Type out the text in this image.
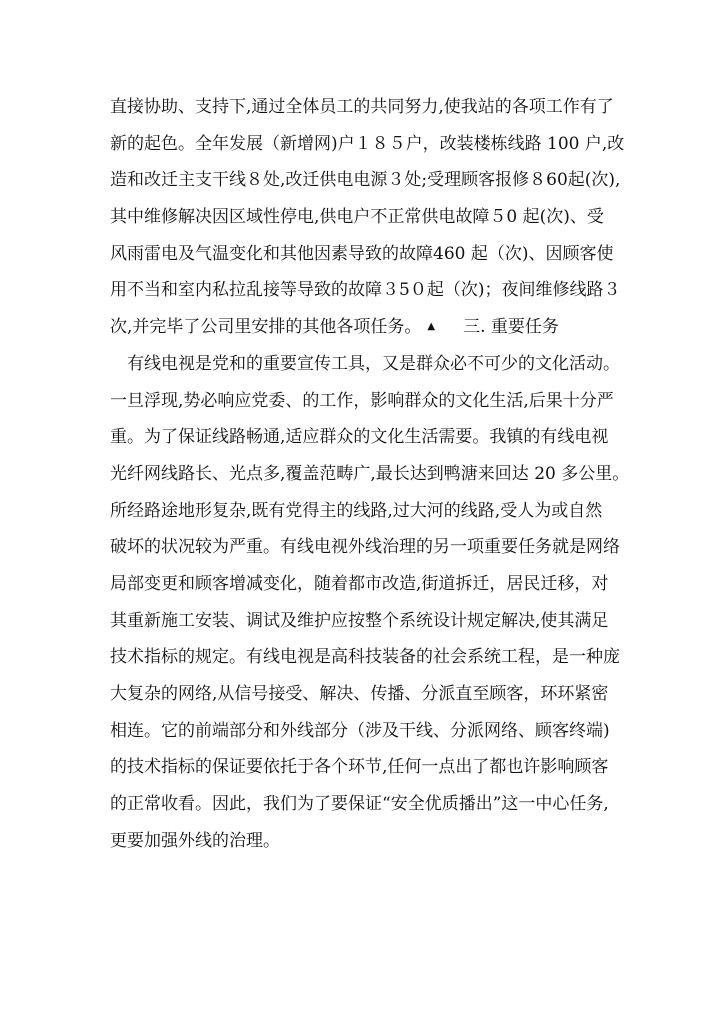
直接协助、支持下,通过全体员工的共同努力,使我站的各项工作有了
新的起色。全年发展（新增网)户１８５户，改装楼栋线路 100 户,改
造和改迁主支干线８处,改迁供电电源３处;受理顾客报修８60起(次),
其中维修解决因区域性停电,供电户不正常供电故障５0 起(次)、受
风雨雷电及气温变化和其他因素导致的故障460 起（次)、因顾客使
用不当和室内私拉乱接等导致的故障３5０起（次)；夜间维修线路３
次,并完毕了公司里安排的其他各项任务。 ▲ 三. 重要任务
　有线电视是党和的重要宣传工具，又是群众必不可少的文化活动。
一旦浮现,势必响应党委、的工作，影响群众的文化生活,后果十分严
重。为了保证线路畅通,适应群众的文化生活需要。我镇的有线电视
光纤网线路长、光点多,覆盖范畴广,最长达到鸭溏来回达 20 多公里。
所经路途地形复杂,既有党得主的线路,过大河的线路,受人为或自然
破坏的状况较为严重。有线电视外线治理的另一项重要任务就是网络
局部变更和顾客增减变化，随着都市改造,街道拆迁，居民迁移，对
其重新施工安装、调试及维护应按整个系统设计规定解决,使其满足
技术指标的规定。有线电视是高科技装备的社会系统工程，是一种庞
大复杂的网络,从信号接受、解决、传播、分派直至顾客，环环紧密
相连。它的前端部分和外线部分（涉及干线、分派网络、顾客终端)
的技术指标的保证要依托于各个环节,任何一点出了都也许影响顾客
的正常收看。因此，我们为了要保证“安全优质播出”这一中心任务,
更要加强外线的治理。
